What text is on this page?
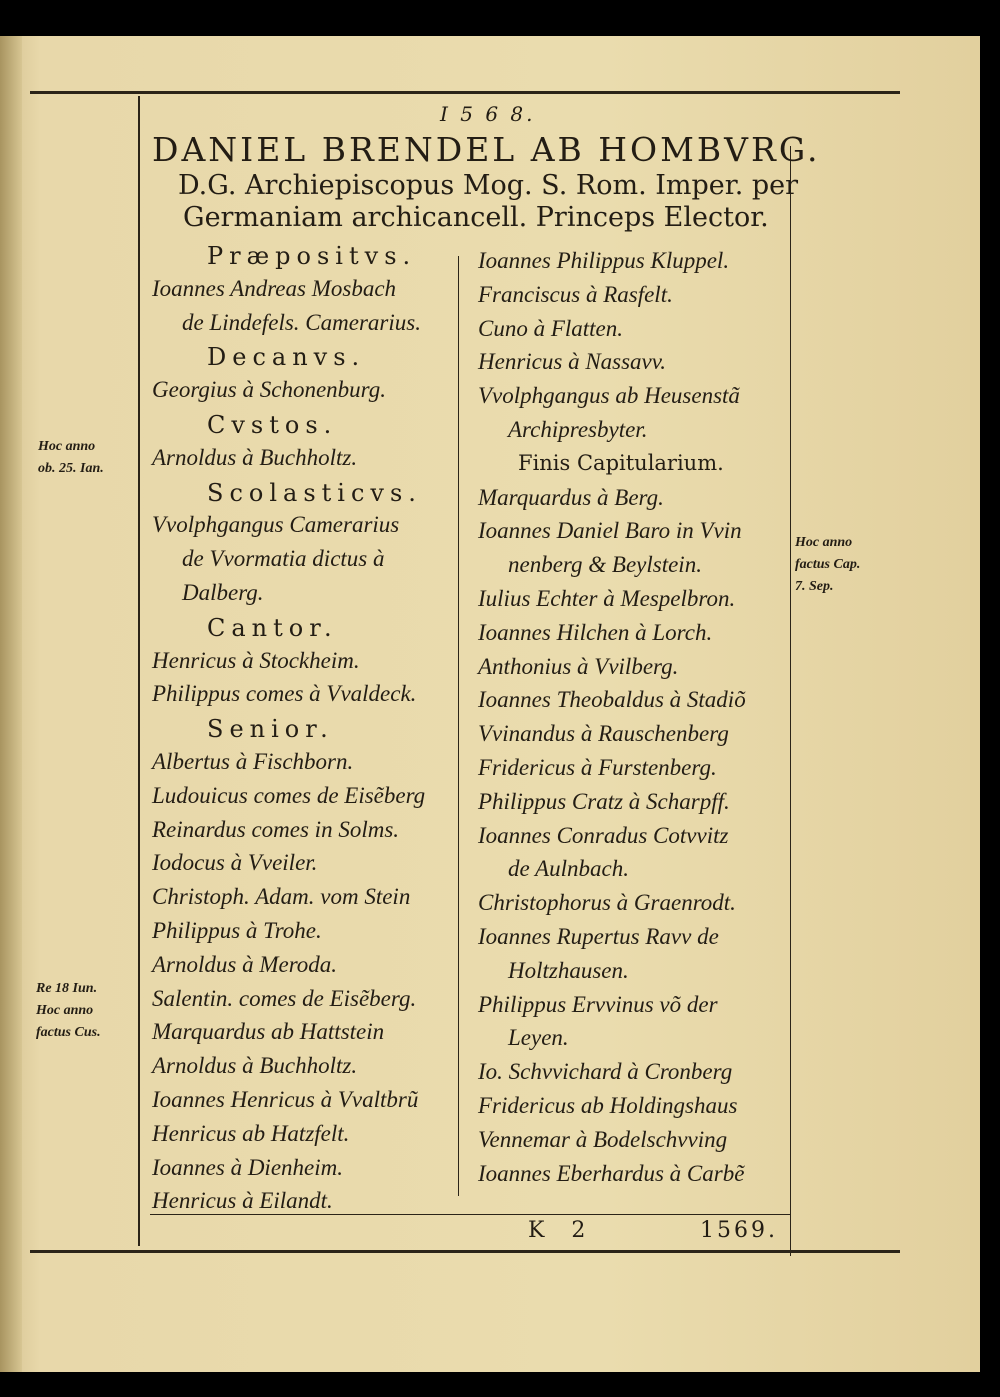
I 5 6 8.
DANIEL BRENDEL AB HOMBVRG.
D.G. Archiepiscopus Mog. S. Rom. Imper. per
Germaniam archicancell. Princeps Elector.
Præpositvs.
Ioannes Andreas Mosbach
de Lindefels. Camerarius.
Decanvs.
Georgius à Schonenburg.
Cvstos.
Arnoldus à Buchholtz.
Scolasticvs.
Vvolphgangus Camerarius
de Vvormatia dictus à
Dalberg.
Cantor.
Henricus à Stockheim.
Philippus comes à Vvaldeck.
Senior.
Albertus à Fischborn.
Ludouicus comes de Eisẽberg
Reinardus comes in Solms.
Iodocus à Vveiler.
Christoph. Adam. vom Stein
Philippus à Trohe.
Arnoldus à Meroda.
Salentin. comes de Eisẽberg.
Marquardus ab Hattstein
Arnoldus à Buchholtz.
Ioannes Henricus à Vvaltbrũ
Henricus ab Hatzfelt.
Ioannes à Dienheim.
Henricus à Eilandt.
Ioannes Philippus Kluppel.
Franciscus à Rasfelt.
Cuno à Flatten.
Henricus à Nassavv.
Vvolphgangus ab Heusenstã
Archipresbyter.
Finis Capitularium.
Marquardus à Berg.
Ioannes Daniel Baro in Vvin
nenberg & Beylstein.
Iulius Echter à Mespelbron.
Ioannes Hilchen à Lorch.
Anthonius à Vvilberg.
Ioannes Theobaldus à Stadiõ
Vvinandus à Rauschenberg
Fridericus à Furstenberg.
Philippus Cratz à Scharpff.
Ioannes Conradus Cotvvitz
de Aulnbach.
Christophorus à Graenrodt.
Ioannes Rupertus Ravv de
Holtzhausen.
Philippus Ervvinus võ der
Leyen.
Io. Schvvichard à Cronberg
Fridericus ab Holdingshaus
Vennemar à Bodelschvving
Ioannes Eberhardus à Carbẽ
Hoc anno
ob. 25. Ian.
Re 18 Iun.
Hoc anno
factus Cus.
Hoc anno
factus Cap.
7. Sep.
K 2	1569.
